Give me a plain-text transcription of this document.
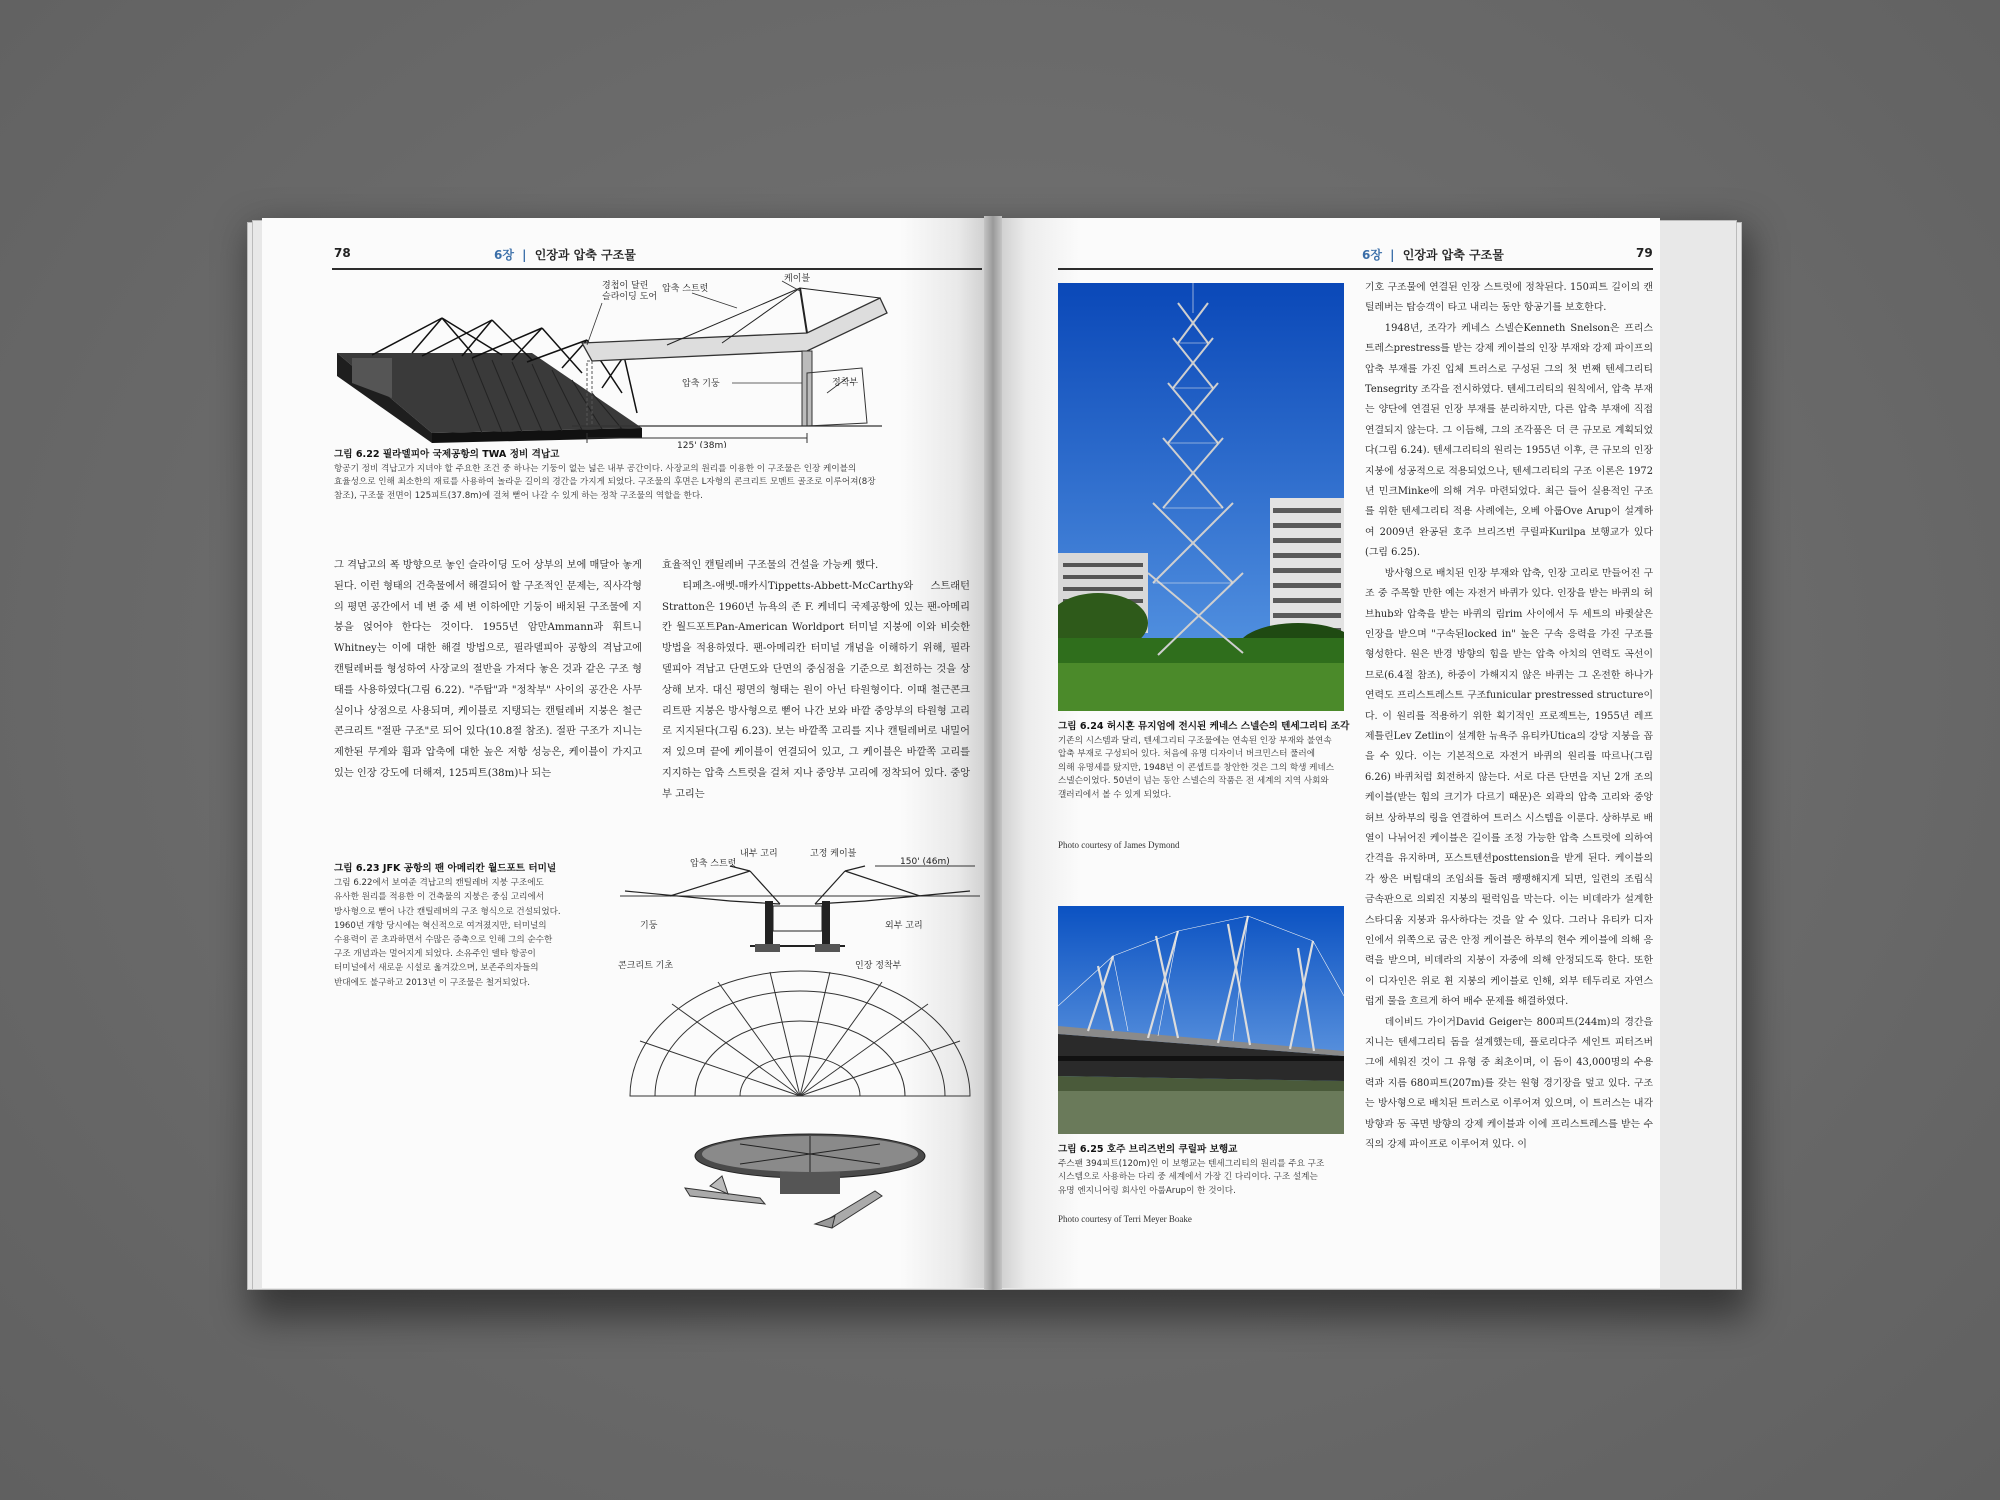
78	6장 | 인장과 압축 구조물
경첩이 달린 슬라이딩 도어
압축 스트럿
케이블
압축 기둥	정착부
125' (38m)
그림 6.22 필라델피아 국제공항의 TWA 정비 격납고
항공기 정비 격납고가 지녀야 할 주요한 조건 중 하나는 기둥이 없는 넓은 내부 공간이다. 사장교의 원리를 이용한 이 구조물은 인장 케이블의
효율성으로 인해 최소한의 재료를 사용하여 놀라운 길이의 경간을 가지게 되었다. 구조물의 후면은 L자형의 콘크리트 모멘트 골조로 이루어져(8장
참조), 구조물 전면이 125피트(37.8m)에 걸쳐 뻗어 나갈 수 있게 하는 정착 구조물의 역할을 한다.

그 격납고의 폭 방향으로 놓인 슬라이딩 도어 상부의 보에 매달아 놓게 된다. 이런 형태의 건축물에서 해결되어 할 구조적인 문제는, 직사각형의 평면 공간에서 네 변 중 세 변 이하에만 기둥이 배치된 구조물에 지붕을 얹어야 한다는 것이다. 1955년 암만Ammann과 휘트니Whitney는 이에 대한 해결 방법으로, 필라델피아 공항의 격납고에 캔틸레버를 형성하여 사장교의 절반을 가져다 놓은 것과 같은 구조 형태를 사용하였다(그림 6.22). "주탑"과 "정착부" 사이의 공간은 사무실이나 상점으로 사용되며, 케이블로 지탱되는 캔틸레버 지붕은 철근콘크리트 "절판 구조"로 되어 있다(10.8절 참조). 절판 구조가 지니는 제한된 무게와 휨과 압축에 대한 높은 저항 성능은, 케이블이 가지고 있는 인장 강도에 더해져, 125피트(38m)나 되는

효율적인 캔틸레버 구조물의 건설을 가능케 했다.

티페츠-애벳-매카시Tippetts-Abbett-McCarthy와 스트래턴Stratton은 1960년 뉴욕의 존 F. 케네디 국제공항에 있는 팬-아메리칸 월드포트Pan-American Worldport 터미널 지붕에 이와 비슷한 방법을 적용하였다. 팬-아메리칸 터미널 개념을 이해하기 위해, 필라델피아 격납고 단면도와 단면의 중심점을 기준으로 회전하는 것을 상상해 보자. 대신 평면의 형태는 원이 아닌 타원형이다. 이때 철근콘크리트판 지붕은 방사형으로 뻗어 나간 보와 바깥 중앙부의 타원형 고리로 지지된다(그림 6.23). 보는 바깥쪽 고리를 지나 캔틸레버로 내밀어져 있으며 끝에 케이블이 연결되어 있고, 그 케이블은 바깥쪽 고리를 지지하는 압축 스트럿을 걸쳐 지나 중앙부 고리에 정착되어 있다. 중앙부 고리는

그림 6.23 JFK 공항의 팬 아메리칸 월드포트 터미널
그림 6.22에서 보여준 격납고의 캔틸레버 지붕 구조에도
유사한 원리를 적용한 이 건축물의 지붕은 중심 고리에서
방사형으로 뻗어 나간 캔틸레버의 구조 형식으로 건설되었다.
1960년 개항 당시에는 혁신적으로 여겨졌지만, 터미널의
수용력이 곧 초과하면서 수많은 증축으로 인해 그의 순수한
구조 개념과는 멀어지게 되었다. 소유주인 델타 항공이
터미널에서 새로운 시설로 옮겨갔으며, 보존주의자들의
반대에도 불구하고 2013년 이 구조물은 철거되었다.
압축 스트럿
내부 고리	고정 케이블
150' (46m)
기둥	외부 고리
콘크리트 기초	인장 정착부
6장 | 인장과 압축 구조물	79
그림 6.24 허시혼 뮤지엄에 전시된 케네스 스넬슨의 텐세그리티 조각
기존의 시스템과 달리, 텐세그리티 구조물에는 연속된 인장 부재와 불연속
압축 부재로 구성되어 있다. 처음에 유명 디자이너 버크민스터 풀러에
의해 유명세를 탔지만, 1948년 이 콘셉트를 창안한 것은 그의 학생 케네스
스넬슨이었다. 50년이 넘는 동안 스넬슨의 작품은 전 세계의 지역 사회와
갤러리에서 볼 수 있게 되었다.
Photo courtesy of James Dymond
그림 6.25 호주 브리즈번의 쿠릴파 보행교
주스팬 394피트(120m)인 이 보행교는 텐세그리티의 원리를 주요 구조
시스템으로 사용하는 다리 중 세계에서 가장 긴 다리이다. 구조 설계는
유명 엔지니어링 회사인 아룹Arup이 한 것이다.
Photo courtesy of Terri Meyer Boake

기호 구조물에 연결된 인장 스트럿에 정착된다. 150피트 길이의 캔틸레버는 탑승객이 타고 내리는 동안 항공기를 보호한다.

1948년, 조각가 케네스 스넬슨Kenneth Snelson은 프리스트레스prestress를 받는 강제 케이블의 인장 부재와 강제 파이프의 압축 부재를 가진 입체 트러스로 구성된 그의 첫 번째 텐세그리티Tensegrity 조각을 전시하였다. 텐세그리티의 원칙에서, 압축 부재는 양단에 연결된 인장 부재를 분리하지만, 다른 압축 부재에 직접 연결되지 않는다. 그 이듬해, 그의 조각품은 더 큰 규모로 계획되었다(그림 6.24). 텐세그리티의 원리는 1955년 이후, 큰 규모의 인장 지붕에 성공적으로 적용되었으나, 텐세그리티의 구조 이론은 1972년 민크Minke에 의해 겨우 마련되었다. 최근 들어 실용적인 구조를 위한 텐세그리티 적용 사례에는, 오베 아룹Ove Arup이 설계하여 2009년 완공된 호주 브리즈번 쿠릴파Kurilpa 보행교가 있다(그림 6.25).

방사형으로 배치된 인장 부재와 압축, 인장 고리로 만들어진 구조 중 주목할 만한 예는 자전거 바퀴가 있다. 인장을 받는 바퀴의 허브hub와 압축을 받는 바퀴의 림rim 사이에서 두 세트의 바큇살은 인장을 받으며 "구속된locked in" 높은 구속 응력을 가진 구조를 형성한다. 원은 반경 방향의 힘을 받는 압축 아치의 연력도 곡선이므로(6.4절 참조), 하중이 가해지지 않은 바퀴는 그 온전한 하나가 연력도 프리스트레스트 구조funicular prestressed structure이다. 이 원리를 적용하기 위한 획기적인 프로젝트는, 1955년 레프 제틀린Lev Zetlin이 설계한 뉴욕주 유티카Utica의 강당 지붕을 꼽을 수 있다. 이는 기본적으로 자전거 바퀴의 원리를 따르나(그림 6.26) 바퀴처럼 회전하지 않는다. 서로 다른 단면을 지닌 2개 조의 케이블(받는 힘의 크기가 다르기 때문)은 외곽의 압축 고리와 중앙 허브 상하부의 링을 연결하여 트러스 시스템을 이룬다. 상하부로 배열이 나뉘어진 케이블은 길이를 조정 가능한 압축 스트럿에 의하여 간격을 유지하며, 포스트텐션posttension을 받게 된다. 케이블의 각 쌍은 버팀대의 조임쇠를 돌려 팽팽해지게 되면, 일련의 조립식 금속판으로 의뢰진 지붕의 펄럭임을 막는다. 이는 비데라가 설계한 스타디움 지붕과 유사하다는 것을 알 수 있다. 그러나 유티카 디자인에서 위쪽으로 굽은 안정 케이블은 하부의 현수 케이블에 의해 응력을 받으며, 비데라의 지붕이 자중에 의해 안정되도록 한다. 또한 이 디자인은 위로 휜 지붕의 케이블로 인해, 외부 테두리로 자연스럽게 물을 흐르게 하여 배수 문제를 해결하였다.

데이비드 가이거David Geiger는 800피트(244m)의 경간을 지니는 텐세그리티 돔을 설계했는데, 플로리다주 세인트 피터즈버그에 세워진 것이 그 유형 중 최초이며, 이 돔이 43,000명의 수용력과 지름 680피트(207m)를 갖는 원형 경기장을 덮고 있다. 구조는 방사형으로 배치된 트러스로 이루어져 있으며, 이 트러스는 내각 방향과 동 곡면 방향의 강제 케이블과 이에 프리스트레스를 받는 수직의 강제 파이프로 이루어져 있다. 이
